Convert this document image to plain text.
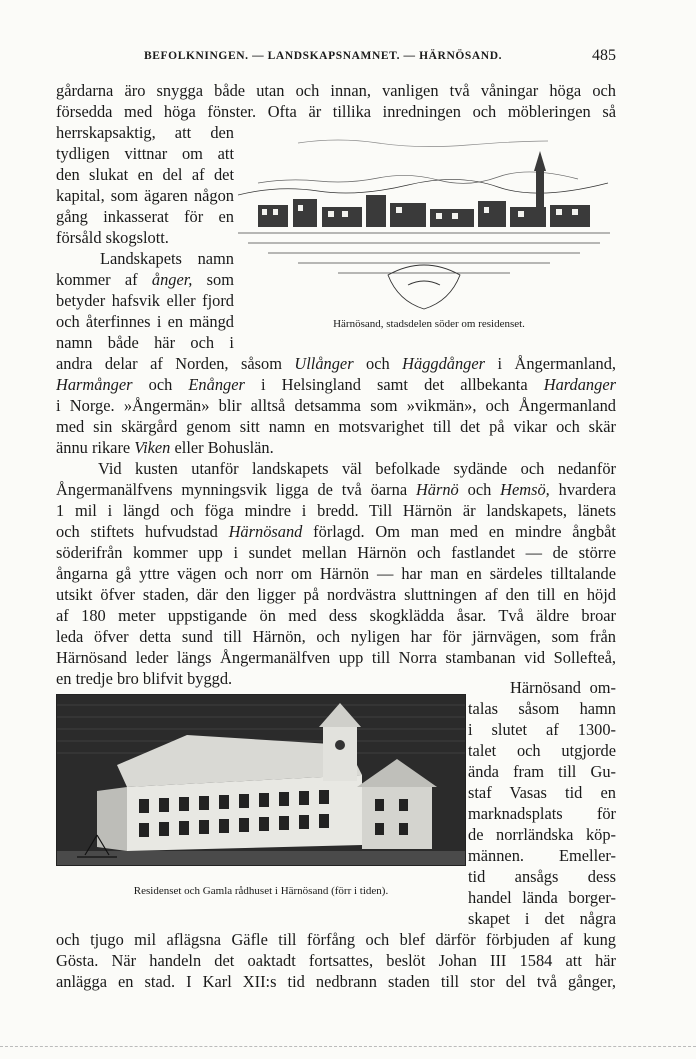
BEFOLKNINGEN. — LANDSKAPSNAMNET. — HÄRNÖSAND.	485
gårdarna äro snygga både utan och innan, vanligen två våningar höga och
försedda med höga fönster. Ofta är tillika inredningen och möbleringen så
herrskapsaktig, att den
tydligen vittnar om att
den slukat en del af det
kapital, som ägaren någon
gång inkasserat för en
försåld skogslott.
Landskapets namn
kommer af ånger, som
betyder hafsvik eller fjord
och återfinnes i en mängd
namn både här och i
Härnösand, stadsdelen söder om residenset.
andra delar af Norden, såsom Ullånger och Häggdånger i Ångermanland,
Harmånger och Enånger i Helsingland samt det allbekanta Hardanger
i Norge. »Ångermän» blir alltså detsamma som »vikmän», och Ångermanland
med sin skärgård genom sitt namn en motsvarighet till det på vikar och skär
ännu rikare Viken eller Bohuslän.
Vid kusten utanför landskapets väl befolkade sydände och nedanför
Ångermanälfvens mynningsvik ligga de två öarna Härnö och Hemsö, hvardera
1 mil i längd och föga mindre i bredd. Till Härnön är landskapets, länets
och stiftets hufvudstad Härnösand förlagd. Om man med en mindre ångbåt
söderifrån kommer upp i sundet mellan Härnön och fastlandet — de större
ångarna gå yttre vägen och norr om Härnön — har man en särdeles tilltalande
utsikt öfver staden, där den ligger på nordvästra sluttningen af den till en höjd
af 180 meter uppstigande ön med dess skogklädda åsar. Två äldre broar
leda öfver detta sund till Härnön, och nyligen har för järnvägen, som från
Härnösand leder längs Ångermanälfven upp till Norra stambanan vid Sollefteå,
en tredje bro blifvit byggd.
Residenset och Gamla rådhuset i Härnösand (förr i tiden).
Härnösand om-
talas såsom hamn
i slutet af 1300-
talet och utgjorde
ända fram till Gu-
staf Vasas tid en
marknadsplats för
de norrländska köp-
männen. Emeller-
tid ansågs dess
handel lända borger-
skapet i det några
och tjugo mil aflägsna Gäfle till förfång och blef därför förbjuden af kung
Gösta. När handeln det oaktadt fortsattes, beslöt Johan III 1584 att här
anlägga en stad. I Karl XII:s tid nedbrann staden till stor del två gånger,
